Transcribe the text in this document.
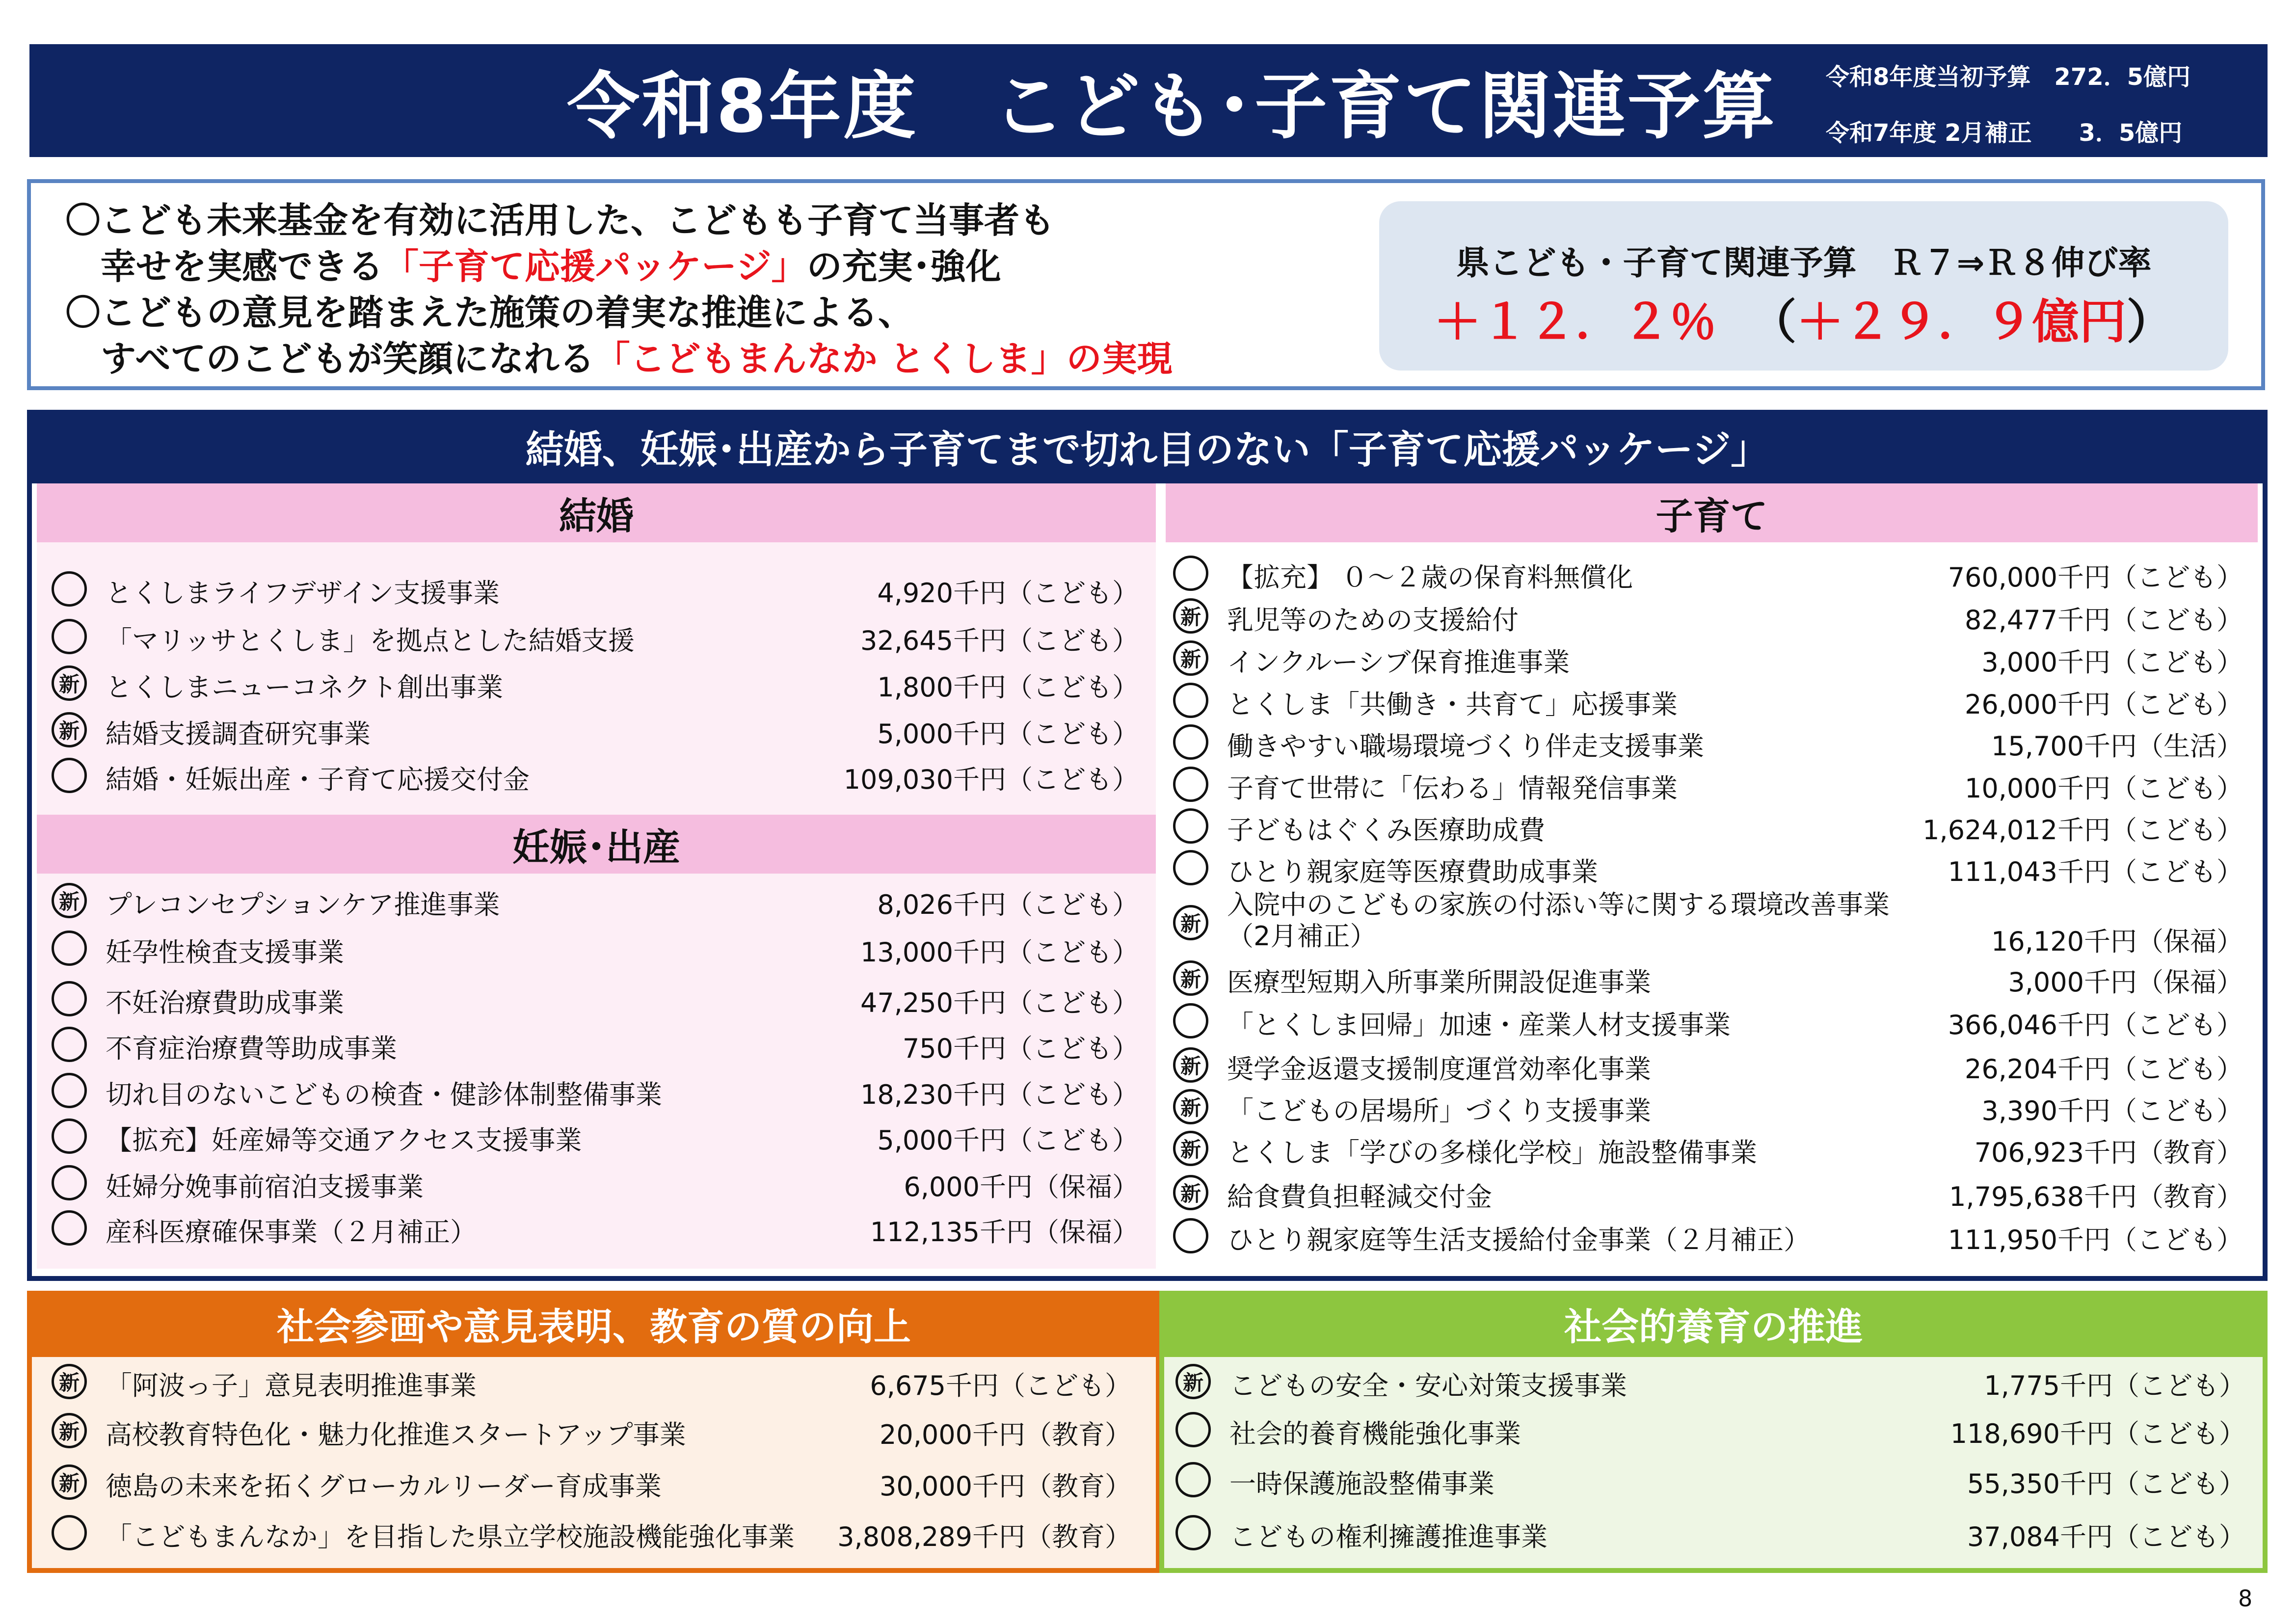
令和8年度　こども･子育て関連予算 令和8年度当初予算　272．5億円
令和7年度 2月補正　　3．5億円
〇こども未来基金を有効に活用した、こどもも子育て当事者も
　幸せを実感できる「子育て応援パッケージ」の充実･強化
〇こどもの意見を踏まえた施策の着実な推進による、
　すべてのこどもが笑顔になれる「こどもまんなか とくしま」の実現
県こども・子育て関連予算　Ｒ７⇒Ｒ８伸び率
＋１２．２％ （＋２９．９億円）
結婚、妊娠･出産から子育てまで切れ目のない「子育て応援パッケージ」
結婚
妊娠･出産
子育て
社会参画や意見表明、教育の質の向上	社会的養育の推進
8
とくしまライフデザイン支援事業	4,920千円（こども）
「マリッサとくしま」を拠点とした結婚支援	32,645千円（こども）
新 とくしまニューコネクト創出事業	1,800千円（こども）
新 結婚支援調査研究事業	5,000千円（こども）
結婚・妊娠出産・子育て応援交付金	109,030千円（こども）
新 プレコンセプションケア推進事業	8,026千円（こども）
妊孕性検査支援事業	13,000千円（こども）
不妊治療費助成事業	47,250千円（こども）
不育症治療費等助成事業	750千円（こども）
切れ目のないこどもの検査・健診体制整備事業	18,230千円（こども）
【拡充】妊産婦等交通アクセス支援事業	5,000千円（こども）
妊婦分娩事前宿泊支援事業	6,000千円（保福）
産科医療確保事業（２月補正）	112,135千円（保福）
【拡充】 ０～２歳の保育料無償化	760,000千円（こども）
新 乳児等のための支援給付	82,477千円（こども）
新 インクルーシブ保育推進事業	3,000千円（こども）
とくしま「共働き・共育て」応援事業	26,000千円（こども）
働きやすい職場環境づくり伴走支援事業	15,700千円（生活）
子育て世帯に「伝わる」情報発信事業	10,000千円（こども）
子どもはぐくみ医療助成費	1,624,012千円（こども）
ひとり親家庭等医療費助成事業	111,043千円（こども）
新
入院中のこどもの家族の付添い等に関する環境改善事業
（2月補正）	16,120千円（保福）
新 医療型短期入所事業所開設促進事業	3,000千円（保福）
「とくしま回帰」加速・産業人材支援事業	366,046千円（こども）
新 奨学金返還支援制度運営効率化事業	26,204千円（こども）
新 「こどもの居場所」づくり支援事業	3,390千円（こども）
新 とくしま「学びの多様化学校」施設整備事業	706,923千円（教育）
新 給食費負担軽減交付金	1,795,638千円（教育）
ひとり親家庭等生活支援給付金事業（２月補正）	111,950千円（こども）
新 「阿波っ子」意見表明推進事業	6,675千円（こども）
新 高校教育特色化・魅力化推進スタートアップ事業	20,000千円（教育）
新 徳島の未来を拓くグローカルリーダー育成事業	30,000千円（教育）
「こどもまんなか」を目指した県立学校施設機能強化事業 3,808,289千円（教育）
新 こどもの安全・安心対策支援事業	1,775千円（こども）
社会的養育機能強化事業	118,690千円（こども）
一時保護施設整備事業	55,350千円（こども）
こどもの権利擁護推進事業	37,084千円（こども）
